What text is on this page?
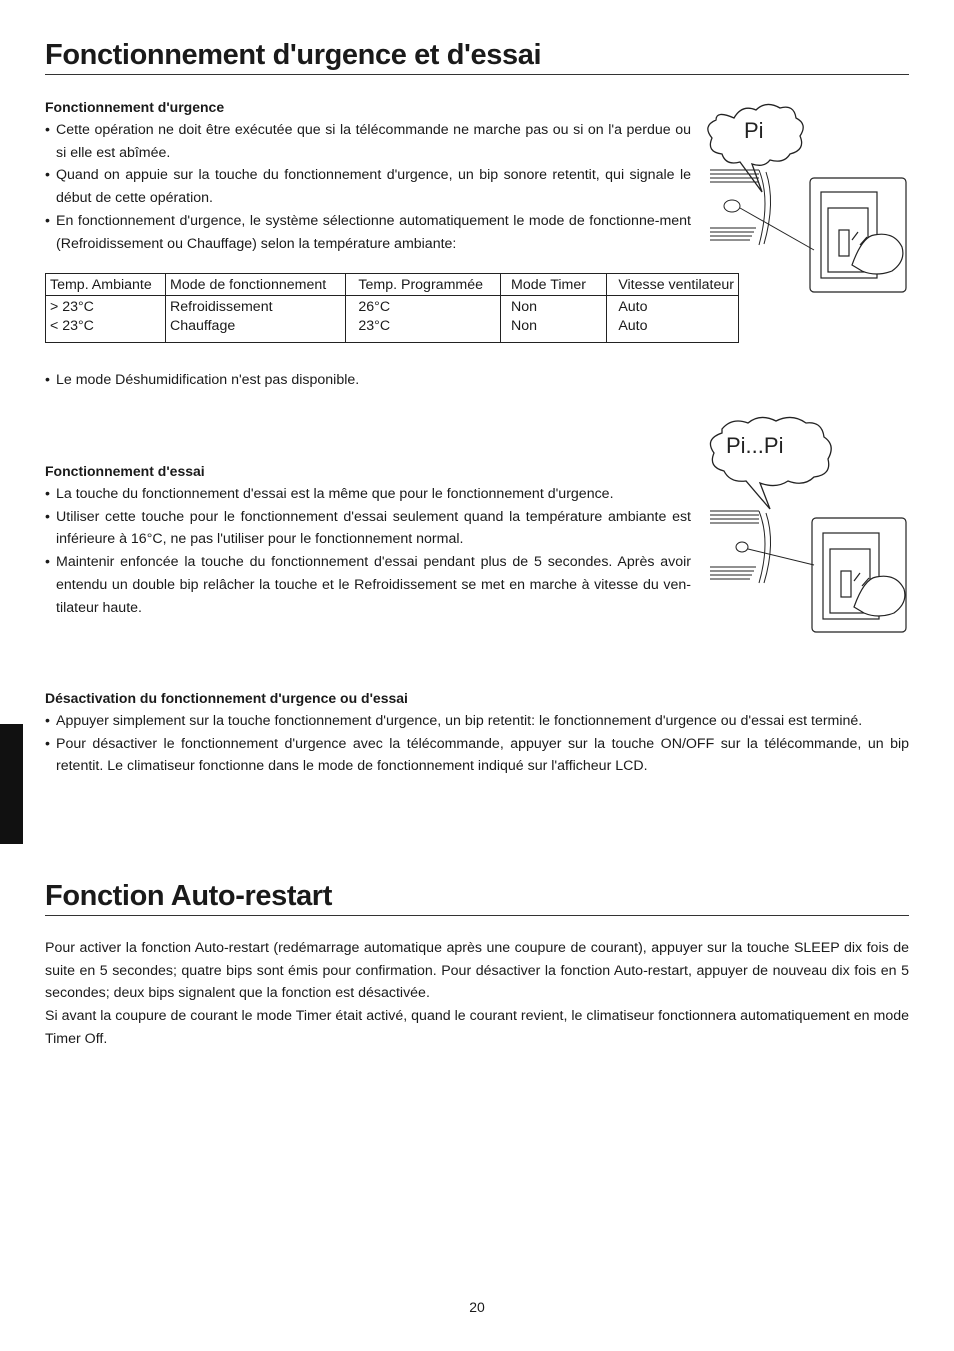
Fonctionnement d'urgence et d'essai
Fonctionnement d'urgence
• Cette opération ne doit être exécutée que si la télécommande ne marche pas ou si on l'a perdue ou si elle est abîmée.
• Quand on appuie sur la touche du fonctionnement d'urgence, un bip sonore retentit, qui signale le début de cette opération.
• En fonctionnement d'urgence, le système sélectionne automatiquement le mode de fonctionne-ment (Refroidissement ou Chauffage) selon la température ambiante:
Temp. Ambiante	Mode de fonctionnement	Temp. Programmée	Mode Timer	Vitesse ventilateur
> 23°C	Refroidissement	26°C	Non	Auto
< 23°C	Chauffage	23°C	Non	Auto
• Le mode Déshumidification n'est pas disponible.
Pi
Fonctionnement d'essai
• La touche du fonctionnement d'essai est la même que pour le fonctionnement d'urgence.
• Utiliser cette touche pour le fonctionnement d'essai seulement quand la température ambiante est inférieure à 16°C, ne pas l'utiliser pour le fonctionnement normal.
• Maintenir enfoncée la touche du fonctionnement d'essai pendant plus de 5 secondes. Après avoir entendu un double bip relâcher la touche et le Refroidissement se met en marche à vitesse du ven-tilateur haute.
Pi...Pi
Désactivation du fonctionnement d'urgence ou d'essai
• Appuyer simplement sur la touche fonctionnement d'urgence, un bip retentit: le fonctionnement d'urgence ou d'essai est terminé.
• Pour désactiver le fonctionnement d'urgence avec la télécommande, appuyer sur la touche ON/OFF sur la télécommande, un bip retentit. Le climatiseur fonctionne dans le mode de fonctionnement indiqué sur l'afficheur LCD.
Fonction Auto-restart
Pour activer la fonction Auto-restart (redémarrage automatique après une coupure de courant), appuyer sur la touche SLEEP dix fois de suite en 5 secondes; quatre bips sont émis pour confirmation. Pour désactiver la fonction Auto-restart, appuyer de nouveau dix fois en 5 secondes; deux bips signalent que la fonction est désactivée.
Si avant la coupure de courant le mode Timer était activé, quand le courant revient, le climatiseur fonctionnera automatiquement en mode Timer Off.
20
